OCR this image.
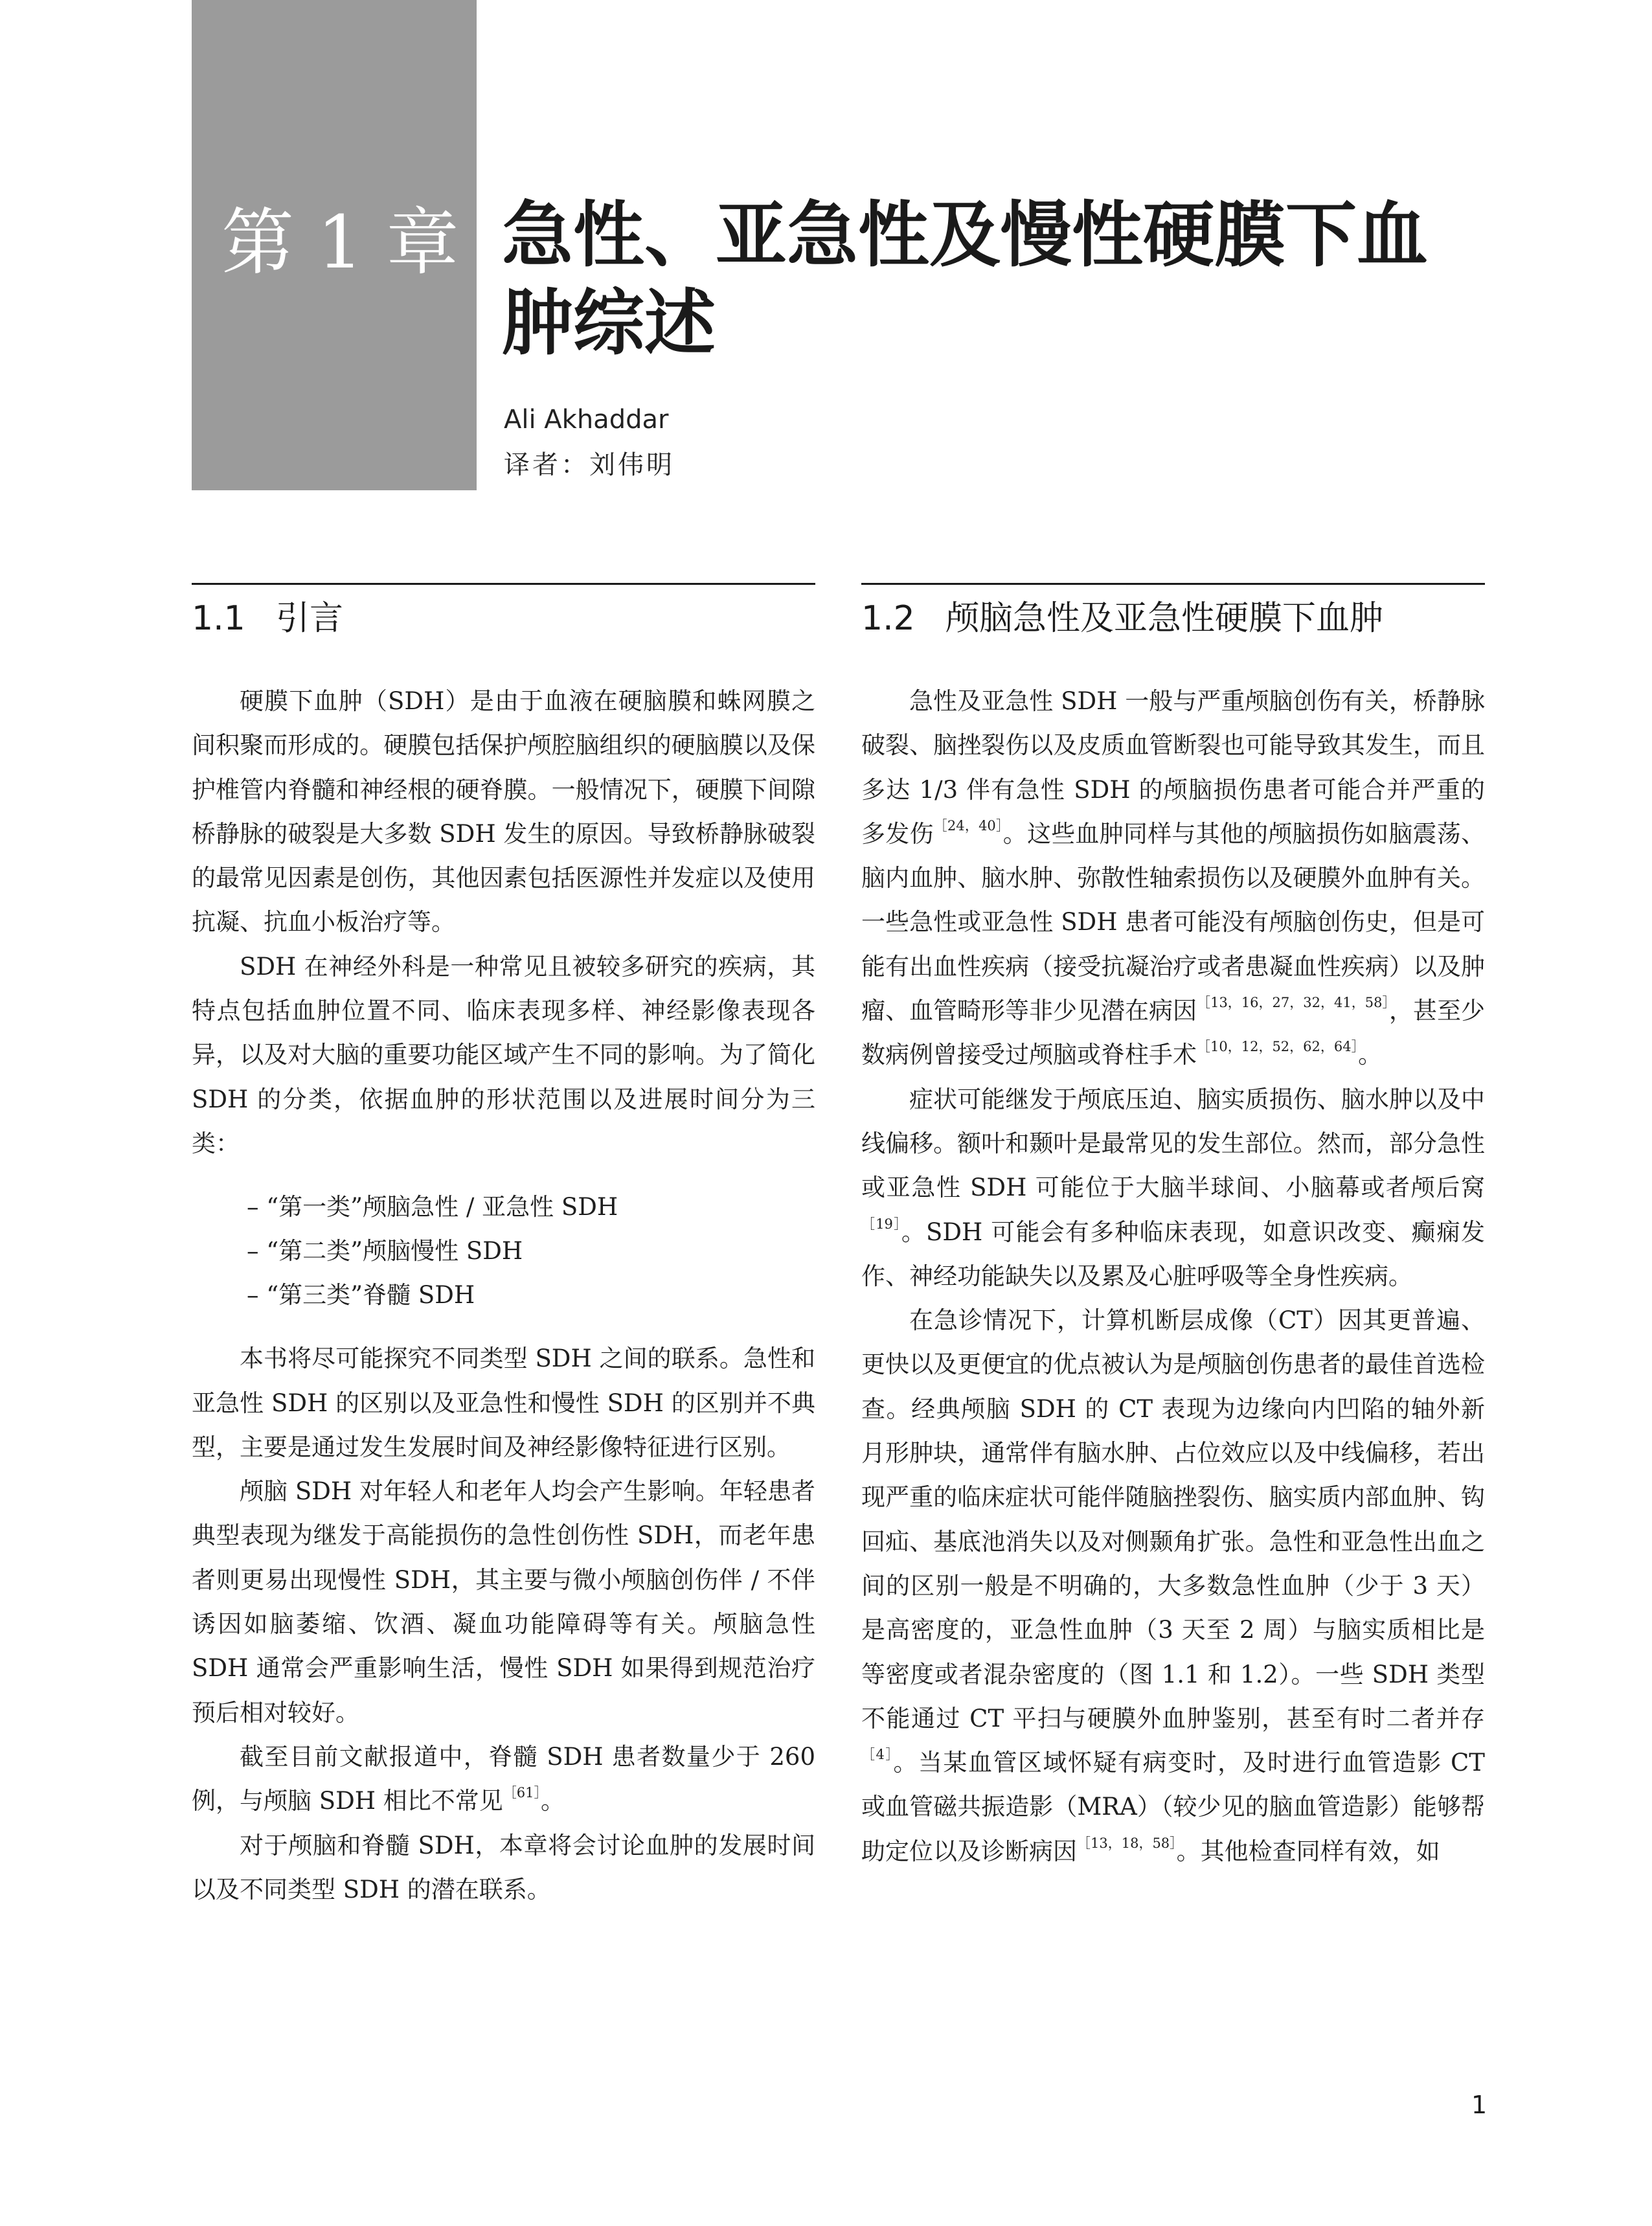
第 1 章 急性、亚急性及慢性硬膜下血肿综述
Ali Akhaddar
译者：刘伟明
1.1 引言

硬膜下血肿（SDH）是由于血液在硬脑膜和蛛网膜之间积聚而形成的。硬膜包括保护颅腔脑组织的硬脑膜以及保护椎管内脊髓和神经根的硬脊膜。一般情况下，硬膜下间隙桥静脉的破裂是大多数 SDH 发生的原因。导致桥静脉破裂的最常见因素是创伤，其他因素包括医源性并发症以及使用抗凝、抗血小板治疗等。

SDH 在神经外科是一种常见且被较多研究的疾病，其特点包括血肿位置不同、临床表现多样、神经影像表现各异，以及对大脑的重要功能区域产生不同的影响。为了简化 SDH 的分类，依据血肿的形状范围以及进展时间分为三类：

– “第一类”颅脑急性 / 亚急性 SDH
– “第二类”颅脑慢性 SDH
– “第三类”脊髓 SDH

本书将尽可能探究不同类型 SDH 之间的联系。急性和亚急性 SDH 的区别以及亚急性和慢性 SDH 的区别并不典型，主要是通过发生发展时间及神经影像特征进行区别。

颅脑 SDH 对年轻人和老年人均会产生影响。年轻患者典型表现为继发于高能损伤的急性创伤性 SDH，而老年患者则更易出现慢性 SDH，其主要与微小颅脑创伤伴 / 不伴诱因如脑萎缩、饮酒、凝血功能障碍等有关。颅脑急性 SDH 通常会严重影响生活，慢性 SDH 如果得到规范治疗预后相对较好。

截至目前文献报道中，脊髓 SDH 患者数量少于 260 例，与颅脑 SDH 相比不常见$^{[61]}$。

对于颅脑和脊髓 SDH，本章将会讨论血肿的发展时间以及不同类型 SDH 的潜在联系。

1.2 颅脑急性及亚急性硬膜下血肿

急性及亚急性 SDH 一般与严重颅脑创伤有关，桥静脉破裂、脑挫裂伤以及皮质血管断裂也可能导致其发生，而且多达 1/3 伴有急性 SDH 的颅脑损伤患者可能合并严重的多发伤$^{[24,40]}$。这些血肿同样与其他的颅脑损伤如脑震荡、脑内血肿、脑水肿、弥散性轴索损伤以及硬膜外血肿有关。一些急性或亚急性 SDH 患者可能没有颅脑创伤史，但是可能有出血性疾病（接受抗凝治疗或者患凝血性疾病）以及肿瘤、血管畸形等非少见潜在病因$^{[13,16,27,32,41,58]}$，甚至少数病例曾接受过颅脑或脊柱手术$^{[10,12,52,62,64]}$。

症状可能继发于颅底压迫、脑实质损伤、脑水肿以及中线偏移。额叶和颞叶是最常见的发生部位。然而，部分急性或亚急性 SDH 可能位于大脑半球间、小脑幕或者颅后窝$^{[19]}$。SDH 可能会有多种临床表现，如意识改变、癫痫发作、神经功能缺失以及累及心脏呼吸等全身性疾病。

在急诊情况下，计算机断层成像（CT）因其更普遍、更快以及更便宜的优点被认为是颅脑创伤患者的最佳首选检查。经典颅脑 SDH 的 CT 表现为边缘向内凹陷的轴外新月形肿块，通常伴有脑水肿、占位效应以及中线偏移，若出现严重的临床症状可能伴随脑挫裂伤、脑实质内部血肿、钩回疝、基底池消失以及对侧颞角扩张。急性和亚急性出血之间的区别一般是不明确的，大多数急性血肿（少于 3 天）是高密度的，亚急性血肿（3 天至 2 周）与脑实质相比是等密度或者混杂密度的（图 1.1 和 1.2）。一些 SDH 类型不能通过 CT 平扫与硬膜外血肿鉴别，甚至有时二者并存$^{[4]}$。当某血管区域怀疑有病变时，及时进行血管造影 CT 或血管磁共振造影（MRA）（较少见的脑血管造影）能够帮助定位以及诊断病因$^{[13,18,58]}$。其他检查同样有效，如

1
